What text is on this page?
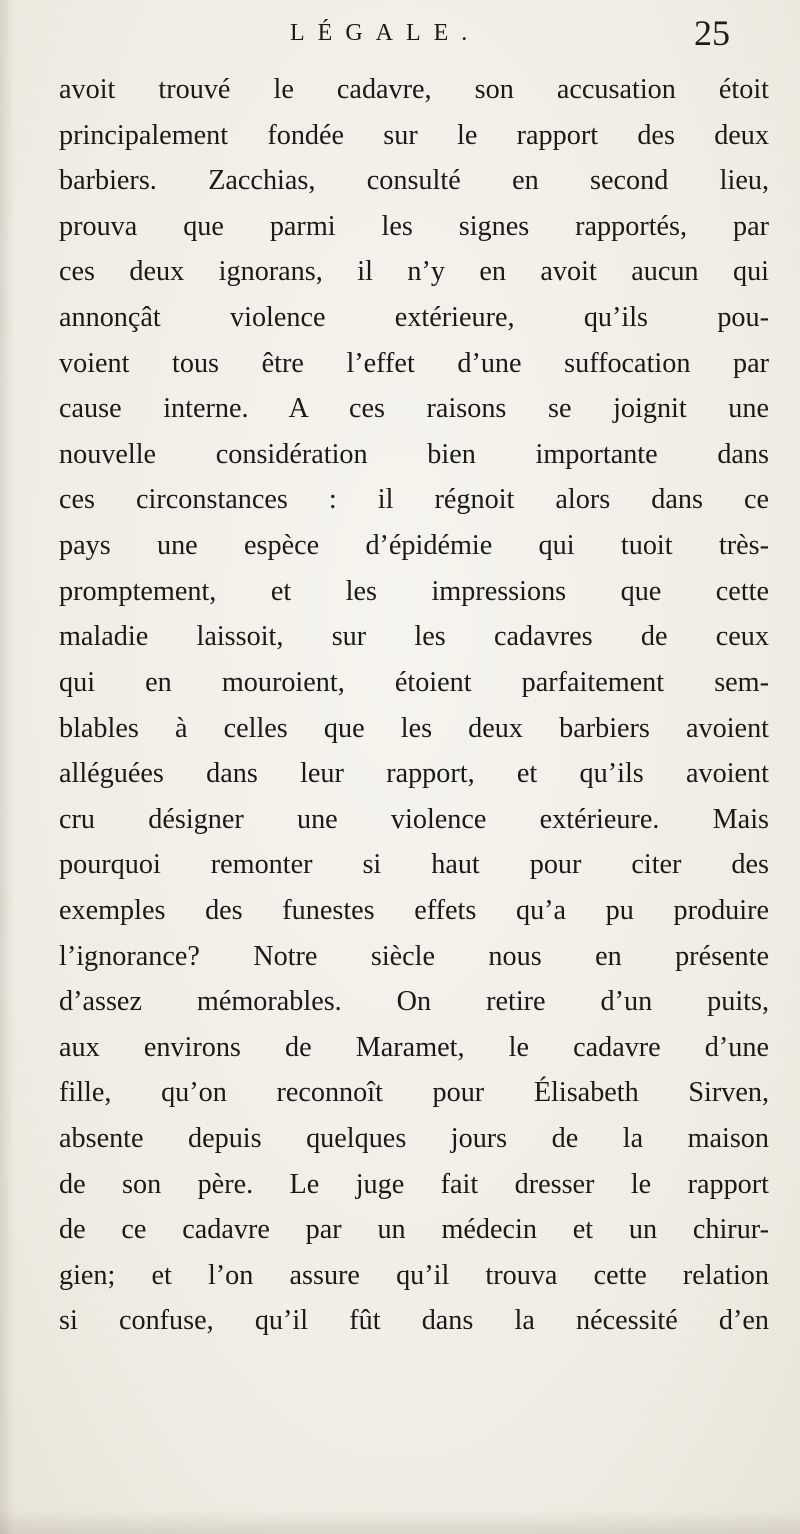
LÉGALE.	25
avoit trouvé le cadavre, son accusation étoit
principalement fondée sur le rapport des deux
barbiers. Zacchias, consulté en second lieu,
prouva que parmi les signes rapportés, par
ces deux ignorans, il n’y en avoit aucun qui
annonçât violence extérieure, qu’ils pou-
voient tous être l’effet d’une suffocation par
cause interne. A ces raisons se joignit une
nouvelle considération bien importante dans
ces circonstances : il régnoit alors dans ce
pays une espèce d’épidémie qui tuoit très-
promptement, et les impressions que cette
maladie laissoit, sur les cadavres de ceux
qui en mouroient, étoient parfaitement sem-
blables à celles que les deux barbiers avoient
alléguées dans leur rapport, et qu’ils avoient
cru désigner une violence extérieure. Mais
pourquoi remonter si haut pour citer des
exemples des funestes effets qu’a pu produire
l’ignorance? Notre siècle nous en présente
d’assez mémorables. On retire d’un puits,
aux environs de Maramet, le cadavre d’une
fille, qu’on reconnoît pour Élisabeth Sirven,
absente depuis quelques jours de la maison
de son père. Le juge fait dresser le rapport
de ce cadavre par un médecin et un chirur-
gien; et l’on assure qu’il trouva cette relation
si confuse, qu’il fût dans la nécessité d’en
